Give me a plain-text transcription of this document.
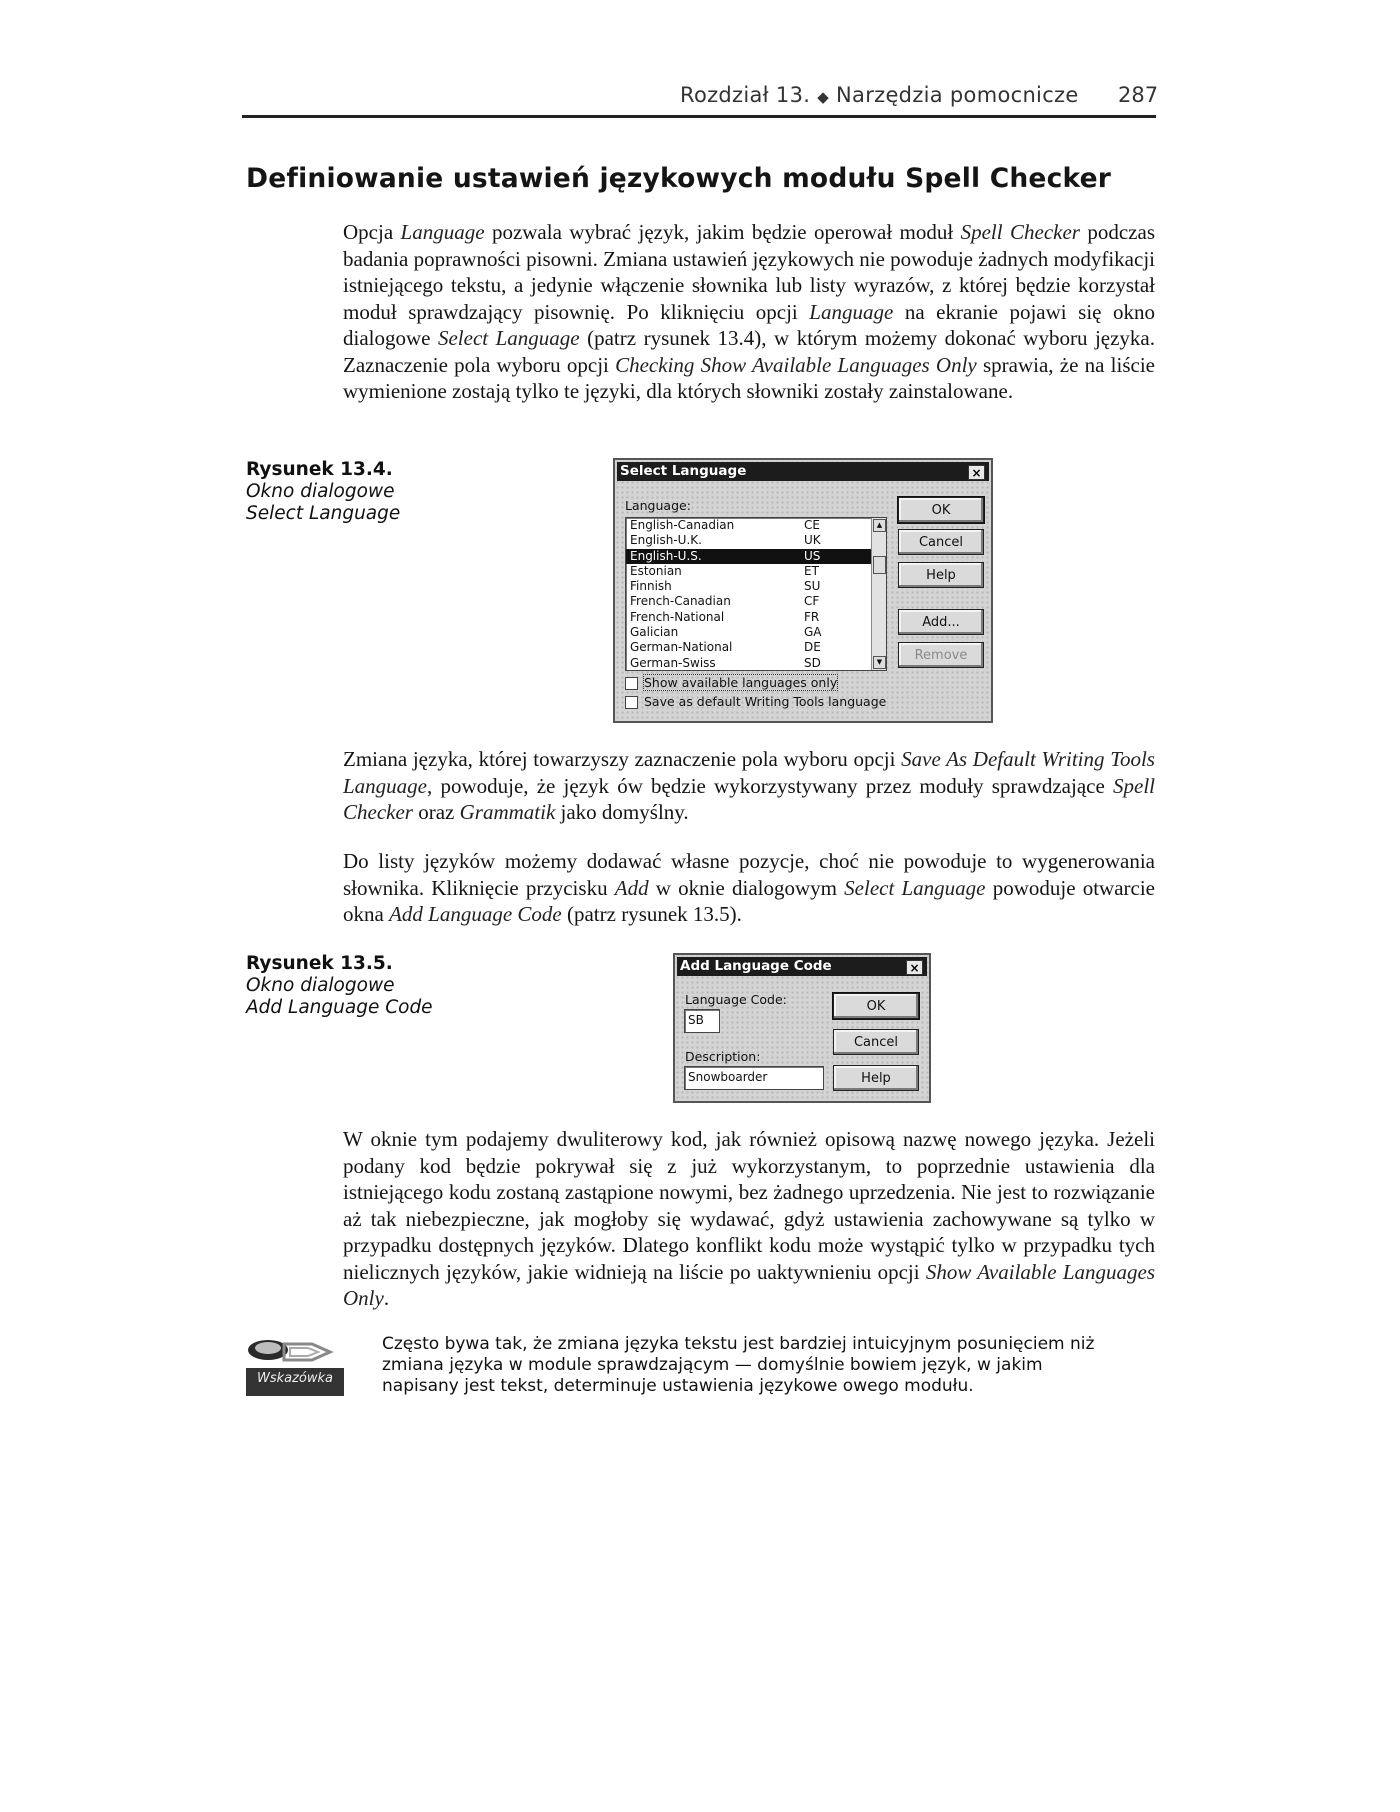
Rozdział 13. ◆ Narzędzia pomocnicze	287
Definiowanie ustawień językowych modułu Spell Checker
Opcja Language pozwala wybrać język, jakim będzie operował moduł Spell Checker podczas badania poprawności pisowni. Zmiana ustawień językowych nie powoduje żadnych modyfikacji istniejącego tekstu, a jedynie włączenie słownika lub listy wyrazów, z której będzie korzystał moduł sprawdzający pisownię. Po kliknięciu opcji Language na ekranie pojawi się okno dialogowe Select Language (patrz rysunek 13.4), w którym możemy dokonać wyboru języka. Zaznaczenie pola wyboru opcji Checking Show Available Languages Only sprawia, że na liście wymienione zostają tylko te języki, dla których słowniki zostały zainstalowane.
Rysunek 13.4.
Okno dialogowe
Select Language
Select Language	×
Language:
English-Canadian	CE
English-U.K.	UK
English-U.S.	US
Estonian	ET
Finnish	SU
French-Canadian	CF
French-National	FR
Galician	GA
German-National	DE
German-Swiss	SD
▲
▼
OK
Cancel
Help
Add...
Remove
Show available languages only
Save as default Writing Tools language
Zmiana języka, której towarzyszy zaznaczenie pola wyboru opcji Save As Default Writing Tools Language, powoduje, że język ów będzie wykorzystywany przez moduły sprawdzające Spell Checker oraz Grammatik jako domyślny.
Do listy języków możemy dodawać własne pozycje, choć nie powoduje to wygenerowania słownika. Kliknięcie przycisku Add w oknie dialogowym Select Language powoduje otwarcie okna Add Language Code (patrz rysunek 13.5).
Rysunek 13.5.
Okno dialogowe
Add Language Code
Add Language Code	×
Language Code:
SB
Description:
Snowboarder
OK
Cancel
Help
W oknie tym podajemy dwuliterowy kod, jak również opisową nazwę nowego języka. Jeżeli podany kod będzie pokrywał się z już wykorzystanym, to poprzednie ustawienia dla istniejącego kodu zostaną zastąpione nowymi, bez żadnego uprzedzenia. Nie jest to rozwiązanie aż tak niebezpieczne, jak mogłoby się wydawać, gdyż ustawienia zachowywane są tylko w przypadku dostępnych języków. Dlatego konflikt kodu może wystąpić tylko w przypadku tych nielicznych języków, jakie widnieją na liście po uaktywnieniu opcji Show Available Languages Only.
Wskazówka
Często bywa tak, że zmiana języka tekstu jest bardziej intuicyjnym posunięciem niż zmiana języka w module sprawdzającym — domyślnie bowiem język, w jakim napisany jest tekst, determinuje ustawienia językowe owego modułu.
